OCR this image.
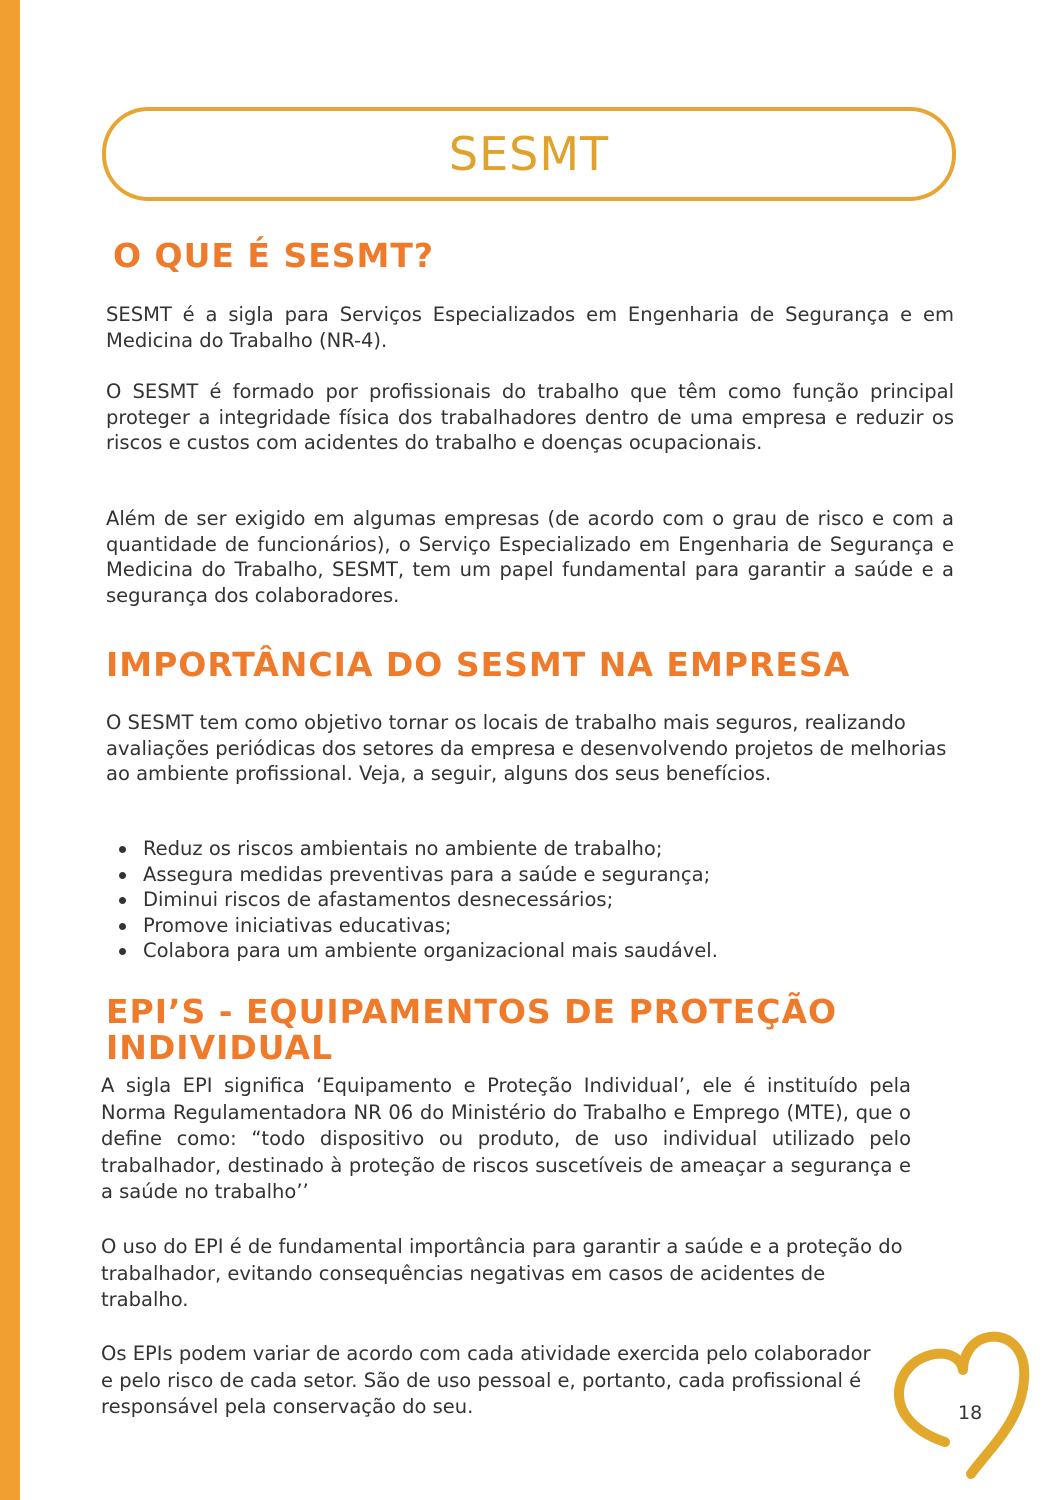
SESMT
O QUE É SESMT?

SESMT é a sigla para Serviços Especializados em Engenharia de Segurança e em Medicina do Trabalho (NR-4).

O SESMT é formado por profissionais do trabalho que têm como função principal proteger a integridade física dos trabalhadores dentro de uma empresa e reduzir os riscos e custos com acidentes do trabalho e doenças ocupacionais.

Além de ser exigido em algumas empresas (de acordo com o grau de risco e com a quantidade de funcionários), o Serviço Especializado em Engenharia de Segurança e Medicina do Trabalho, SESMT, tem um papel fundamental para garantir a saúde e a segurança dos colaboradores.

IMPORTÂNCIA DO SESMT NA EMPRESA

O SESMT tem como objetivo tornar os locais de trabalho mais seguros, realizando avaliações periódicas dos setores da empresa e desenvolvendo projetos de melhorias ao ambiente profissional. Veja, a seguir, alguns dos seus benefícios.

Reduz os riscos ambientais no ambiente de trabalho;
Assegura medidas preventivas para a saúde e segurança;
Diminui riscos de afastamentos desnecessários;
Promove iniciativas educativas;
Colabora para um ambiente organizacional mais saudável.
EPI’S - EQUIPAMENTOS DE PROTEÇÃO
INDIVIDUAL

A sigla EPI significa ‘Equipamento e Proteção Individual’, ele é instituído pela Norma Regulamentadora NR 06 do Ministério do Trabalho e Emprego (MTE), que o define como: “todo dispositivo ou produto, de uso individual utilizado pelo trabalhador, destinado à proteção de riscos suscetíveis de ameaçar a segurança e a saúde no trabalho’’

O uso do EPI é de fundamental importância para garantir a saúde e a proteção do trabalhador, evitando consequências negativas em casos de acidentes de trabalho.

Os EPIs podem variar de acordo com cada atividade exercida pelo colaborador e pelo risco de cada setor. São de uso pessoal e, portanto, cada profissional é responsável pela conservação do seu.	18
